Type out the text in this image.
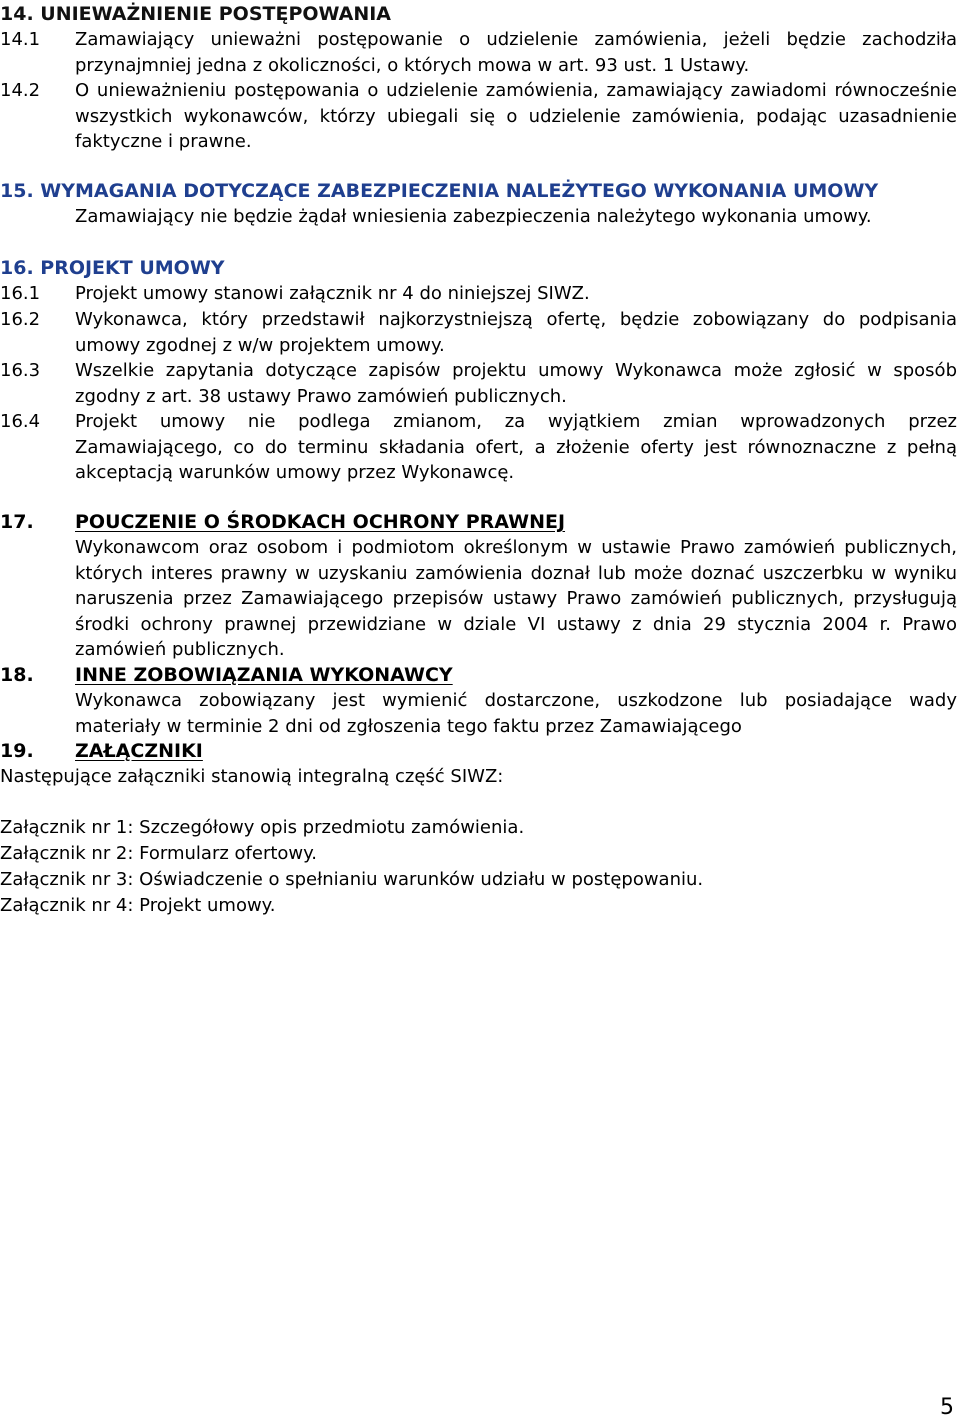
14. UNIEWAŻNIENIE POSTĘPOWANIA
14.1 Zamawiający unieważni postępowanie o udzielenie zamówienia, jeżeli będzie zachodziła przynajmniej jedna z okoliczności, o których mowa w art. 93 ust. 1 Ustawy.
14.2 O unieważnieniu postępowania o udzielenie zamówienia, zamawiający zawiadomi równocześnie wszystkich wykonawców, którzy ubiegali się o udzielenie zamówienia, podając uzasadnienie faktyczne i prawne.
15. WYMAGANIA DOTYCZĄCE ZABEZPIECZENIA NALEŻYTEGO WYKONANIA UMOWY
Zamawiający nie będzie żądał wniesienia zabezpieczenia należytego wykonania umowy.
16. PROJEKT UMOWY
16.1 Projekt umowy stanowi załącznik nr 4 do niniejszej SIWZ.
16.2 Wykonawca, który przedstawił najkorzystniejszą ofertę, będzie zobowiązany do podpisania umowy zgodnej z w/w projektem umowy.
16.3 Wszelkie zapytania dotyczące zapisów projektu umowy Wykonawca może zgłosić w sposób zgodny z art. 38 ustawy Prawo zamówień publicznych.
16.4 Projekt umowy nie podlega zmianom, za wyjątkiem zmian wprowadzonych przez Zamawiającego, co do terminu składania ofert, a złożenie oferty jest równoznaczne z pełną akceptacją warunków umowy przez Wykonawcę.
17. POUCZENIE O ŚRODKACH OCHRONY PRAWNEJ
Wykonawcom oraz osobom i podmiotom określonym w ustawie Prawo zamówień publicznych, których interes prawny w uzyskaniu zamówienia doznał lub może doznać uszczerbku w wyniku naruszenia przez Zamawiającego przepisów ustawy Prawo zamówień publicznych, przysługują środki ochrony prawnej przewidziane w dziale VI ustawy z dnia 29 stycznia 2004 r. Prawo zamówień publicznych.
18. INNE ZOBOWIĄZANIA WYKONAWCY
Wykonawca zobowiązany jest wymienić dostarczone, uszkodzone lub posiadające wady materiały w terminie 2 dni od zgłoszenia tego faktu przez Zamawiającego
19. ZAŁĄCZNIKI
Następujące załączniki stanowią integralną część SIWZ:
Załącznik nr 1: Szczegółowy opis przedmiotu zamówienia.
Załącznik nr 2: Formularz ofertowy.
Załącznik nr 3: Oświadczenie o spełnianiu warunków udziału w postępowaniu.
Załącznik nr 4: Projekt umowy.
5
